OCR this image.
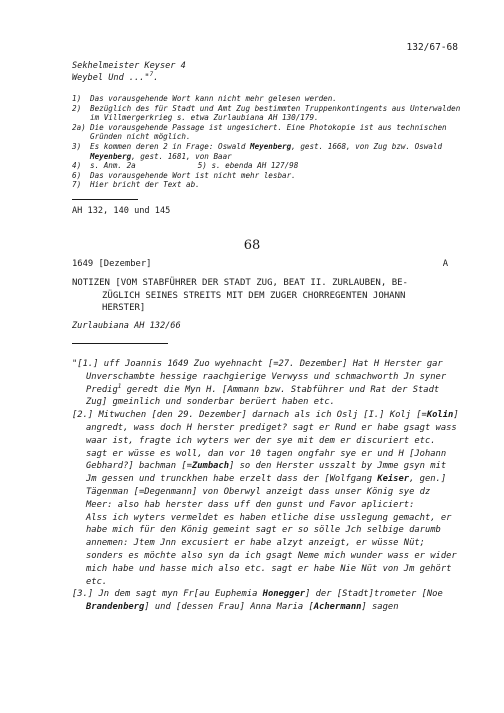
132/67-68
Sekhelmeister Keyser 4
Weybel Und ..."$^7$.
1) Das vorausgehende Wort kann nicht mehr gelesen werden.
2) Bezüglich des für Stadt und Amt Zug bestimmten Truppenkontingents aus Unterwalden im Villmergerkrieg s. etwa Zurlaubiana AH 130/179.
2a) Die vorausgehende Passage ist ungesichert. Eine Photokopie ist aus technischen Gründen nicht möglich.
3) Es kommen deren 2 in Frage: Oswald Meyenberg, gest. 1668, von Zug bzw. Oswald Meyenberg, gest. 1681, von Baar
4) s. Anm. 2a	5) s. ebenda AH 127/98
6) Das vorausgehende Wort ist nicht mehr lesbar.
7) Hier bricht der Text ab.
AH 132, 140 und 145
68
1649 [Dezember]	A
NOTIZEN [VOM STABFÜHRER DER STADT ZUG, BEAT II. ZURLAUBEN, BE-
ZÜGLICH SEINES STREITS MIT DEM ZUGER CHORREGENTEN JOHANN
HERSTER]
Zurlaubiana AH 132/66
"[1.] uff Joannis 1649 Zuo wyehnacht [=27. Dezember] Hat H Herster gar Unverschambte hessige raachgierige Verwyss und schmachworth Jn syner Predig$^1$ geredt die Myn H. [Ammann bzw. Stabführer und Rat der Stadt Zug] gmeinlich und sonderbar berüert haben etc.
[2.] Mitwuchen [den 29. Dezember] darnach als ich Oslj [I.] Kolj [=Kolin] angredt, wass doch H herster prediget? sagt er Rund er habe gsagt wass waar ist, fragte ich wyters wer der sye mit dem er discuriert etc. sagt er wüsse es woll, dan vor 10 tagen ongfahr sye er und H [Johann Gebhard?] bachman [=Zumbach] so den Herster usszalt by Jmme gsyn mit Jm gessen und trunckhen habe erzelt dass der [Wolfgang Keiser, gen.] Tägenman [=Degenmann] von Oberwyl anzeigt dass unser König sye dz Meer: also hab herster dass uff den gunst und Favor apliciert:
Alss ich wyters vermeldet es haben etliche dise usslegung gemacht, er habe mich für den König gemeint sagt er so sölle Jch selbige darumb annemen: Jtem Jnn excusiert er habe alzyt anzeigt, er wüsse Nüt; sonders es möchte also syn da ich gsagt Neme mich wunder wass er wider mich habe und hasse mich also etc. sagt er habe Nie Nüt von Jm gehört etc.
[3.] Jn dem sagt myn Fr[au Euphemia Honegger] der [Stadt]trometer [Noe Brandenberg] und [dessen Frau] Anna Maria [Achermann] sagen
